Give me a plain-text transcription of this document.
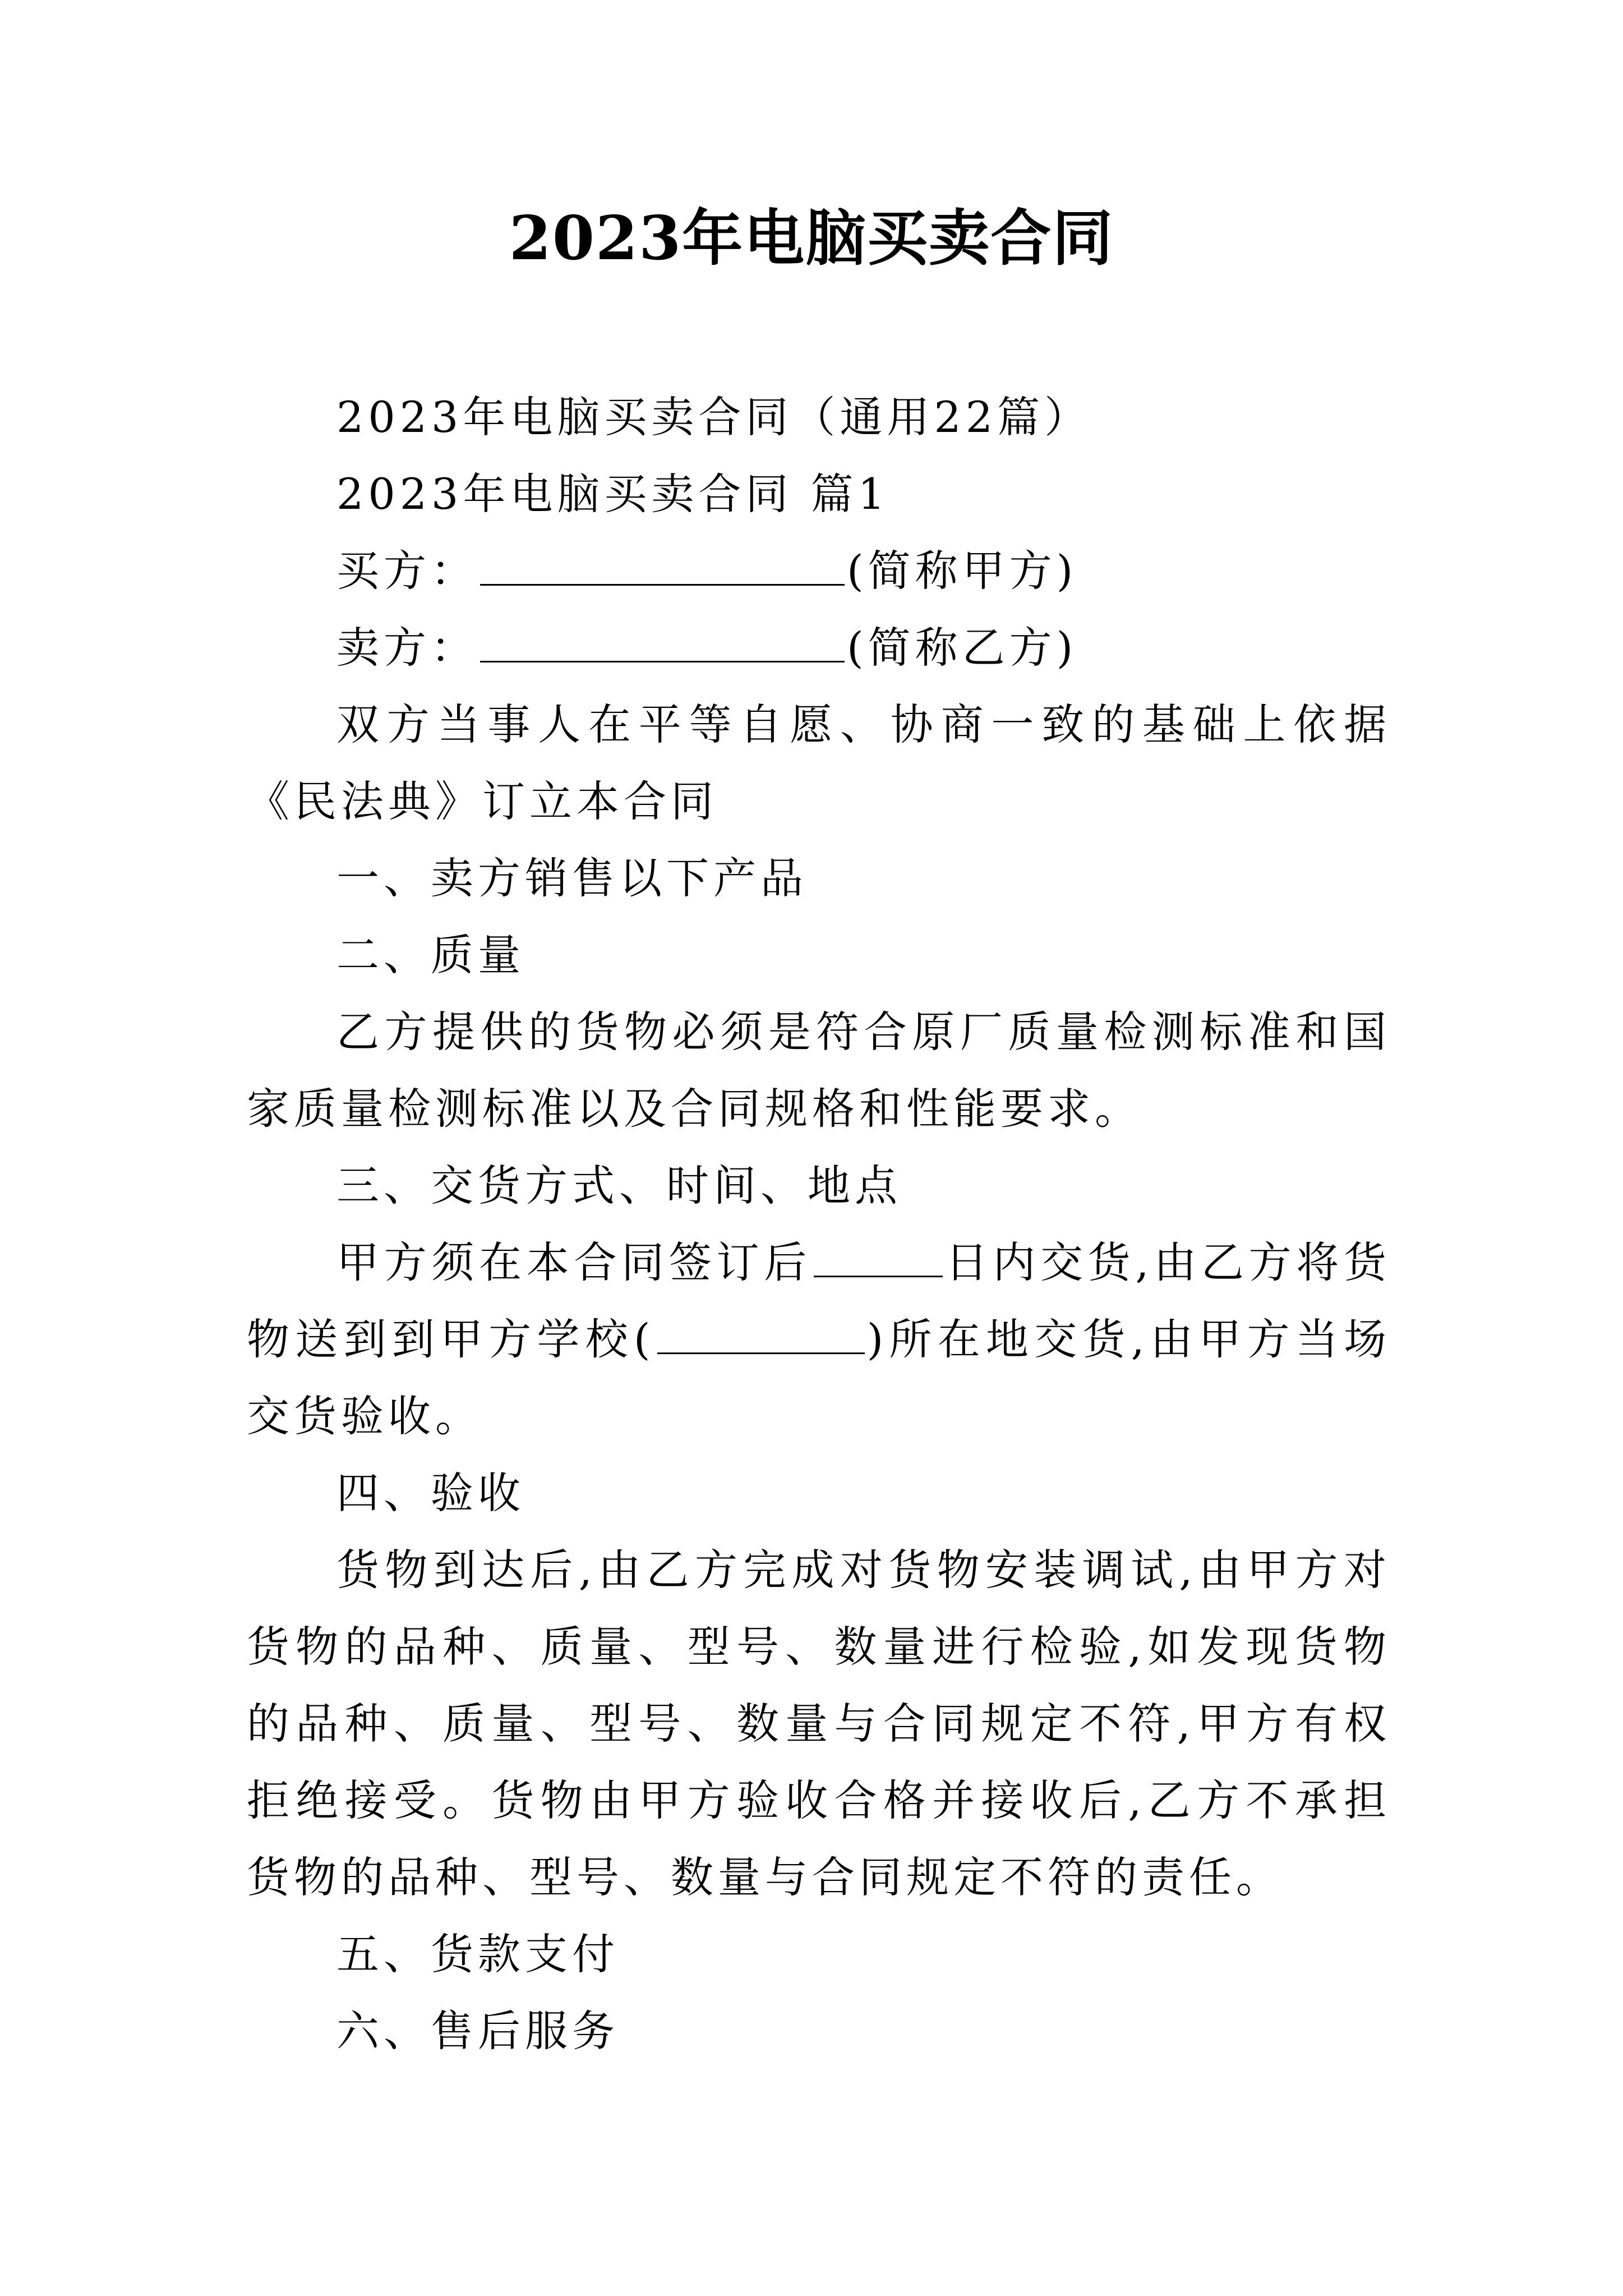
2023年电脑买卖合同

2023年电脑买卖合同（通用22篇）

2023年电脑买卖合同 篇1

买方：	(简称甲方)

卖方：	(简称乙方)

双方当事人在平等自愿、协商一致的基础上依据《民法典》订立本合同

一、卖方销售以下产品

二、质量

乙方提供的货物必须是符合原厂质量检测标准和国家质量检测标准以及合同规格和性能要求。

三、交货方式、时间、地点

甲方须在本合同签订后	日内交货,由乙方将货物送到到甲方学校(	)所在地交货,由甲方当场交货验收。

四、验收

货物到达后,由乙方完成对货物安装调试,由甲方对货物的品种、质量、型号、数量进行检验,如发现货物的品种、质量、型号、数量与合同规定不符,甲方有权拒绝接受。货物由甲方验收合格并接收后,乙方不承担货物的品种、型号、数量与合同规定不符的责任。

五、货款支付

六、售后服务
